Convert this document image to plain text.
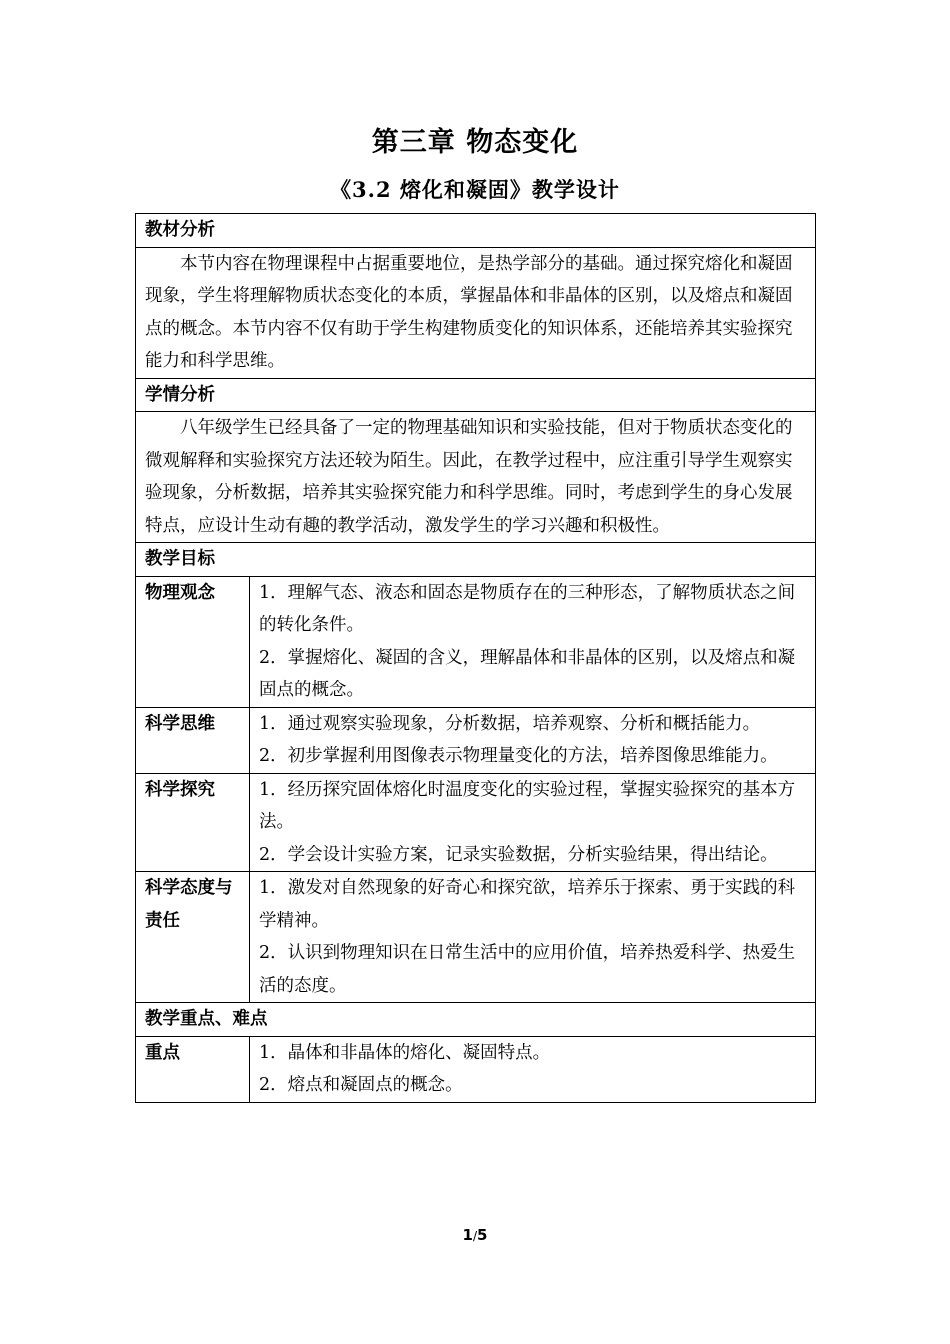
第三章 物态变化
《3.2 熔化和凝固》教学设计
教材分析	
本节内容在物理课程中占据重要地位，是热学部分的基础。通过探究熔化和凝固现象，学生将理解物质状态变化的本质，掌握晶体和非晶体的区别，以及熔点和凝固点的概念。本节内容不仅有助于学生构建物质变化的知识体系，还能培养其实验探究能力和科学思维。	
学情分析	
八年级学生已经具备了一定的物理基础知识和实验技能，但对于物质状态变化的微观解释和实验探究方法还较为陌生。因此，在教学过程中，应注重引导学生观察实验现象，分析数据，培养其实验探究能力和科学思维。同时，考虑到学生的身心发展特点，应设计生动有趣的教学活动，激发学生的学习兴趣和积极性。	
教学目标	
物理观念	1．理解气态、液态和固态是物质存在的三种形态，了解物质状态之间的转化条件。
2．掌握熔化、凝固的含义，理解晶体和非晶体的区别，以及熔点和凝固点的概念。

科学思维	1．通过观察实验现象，分析数据，培养观察、分析和概括能力。
2．初步掌握利用图像表示物理量变化的方法，培养图像思维能力。

科学探究	1．经历探究固体熔化时温度变化的实验过程，掌握实验探究的基本方法。
2．学会设计实验方案，记录实验数据，分析实验结果，得出结论。

科学态度与责任	1．激发对自然现象的好奇心和探究欲，培养乐于探索、勇于实践的科学精神。
2．认识到物理知识在日常生活中的应用价值，培养热爱科学、热爱生活的态度。

教学重点、难点	
重点	1．晶体和非晶体的熔化、凝固特点。
2．熔点和凝固点的概念。
1/5
